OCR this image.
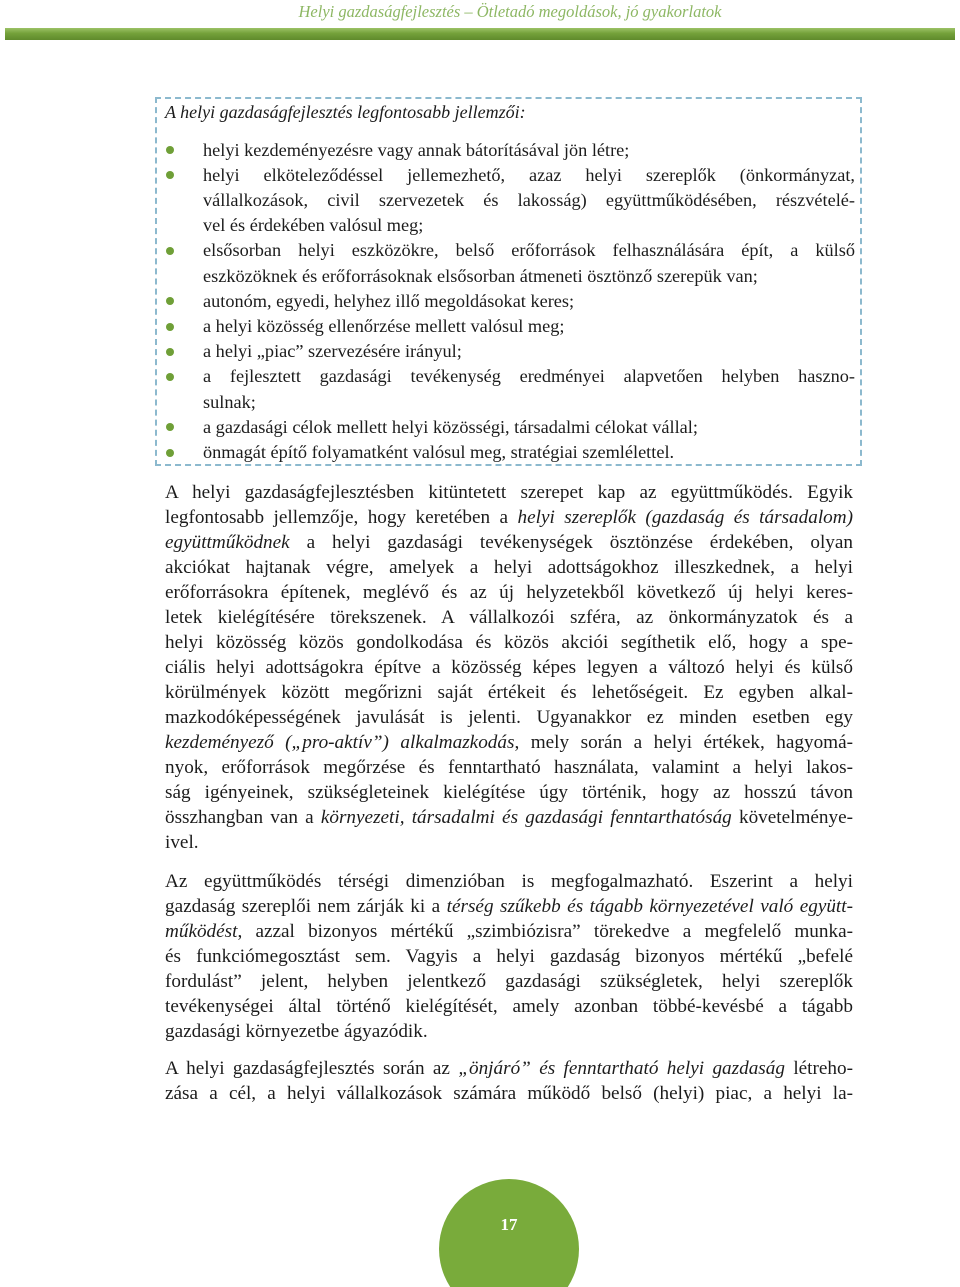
Helyi gazdaságfejlesztés – Ötletadó megoldások, jó gyakorlatok
A helyi gazdaságfejlesztés legfontosabb jellemzői:
helyi kezdeményezésre vagy annak bátorításával jön létre;
helyi elköteleződéssel jellemezhető, azaz helyi szereplők (önkormányzat,
vállalkozások, civil szervezetek és lakosság) együttműködésében, részvételé-
vel és érdekében valósul meg;
elsősorban helyi eszközökre, belső erőforrások felhasználására épít, a külső
eszközöknek és erőforrásoknak elsősorban átmeneti ösztönző szerepük van;
autonóm, egyedi, helyhez illő megoldásokat keres;
a helyi közösség ellenőrzése mellett valósul meg;
a helyi „piac” szervezésére irányul;
a fejlesztett gazdasági tevékenység eredményei alapvetően helyben haszno-
sulnak;
a gazdasági célok mellett helyi közösségi, társadalmi célokat vállal;
önmagát építő folyamatként valósul meg, stratégiai szemlélettel.
A helyi gazdaságfejlesztésben kitüntetett szerepet kap az együttműködés. Egyik
legfontosabb jellemzője, hogy keretében a helyi szereplők (gazdaság és társadalom)
együttműködnek a helyi gazdasági tevékenységek ösztönzése érdekében, olyan
akciókat hajtanak végre, amelyek a helyi adottságokhoz illeszkednek, a helyi
erőforrásokra építenek, meglévő és az új helyzetekből következő új helyi keres-
letek kielégítésére törekszenek. A vállalkozói szféra, az önkormányzatok és a
helyi közösség közös gondolkodása és közös akciói segíthetik elő, hogy a spe-
ciális helyi adottságokra építve a közösség képes legyen a változó helyi és külső
körülmények között megőrizni saját értékeit és lehetőségeit. Ez egyben alkal-
mazkodóképességének javulását is jelenti. Ugyanakkor ez minden esetben egy
kezdeményező („pro-aktív”) alkalmazkodás, mely során a helyi értékek, hagyomá-
nyok, erőforrások megőrzése és fenntartható használata, valamint a helyi lakos-
ság igényeinek, szükségleteinek kielégítése úgy történik, hogy az hosszú távon
összhangban van a környezeti, társadalmi és gazdasági fenntarthatóság követelménye-
ivel.
Az együttműködés térségi dimenzióban is megfogalmazható. Eszerint a helyi
gazdaság szereplői nem zárják ki a térség szűkebb és tágabb környezetével való együtt-
működést, azzal bizonyos mértékű „szimbiózisra” törekedve a megfelelő munka-
és funkciómegosztást sem. Vagyis a helyi gazdaság bizonyos mértékű „befelé
fordulást” jelent, helyben jelentkező gazdasági szükségletek, helyi szereplők
tevékenységei által történő kielégítését, amely azonban többé-kevésbé a tágabb
gazdasági környezetbe ágyazódik.
A helyi gazdaságfejlesztés során az „önjáró” és fenntartható helyi gazdaság létreho-
zása a cél, a helyi vállalkozások számára működő belső (helyi) piac, a helyi la-
17
